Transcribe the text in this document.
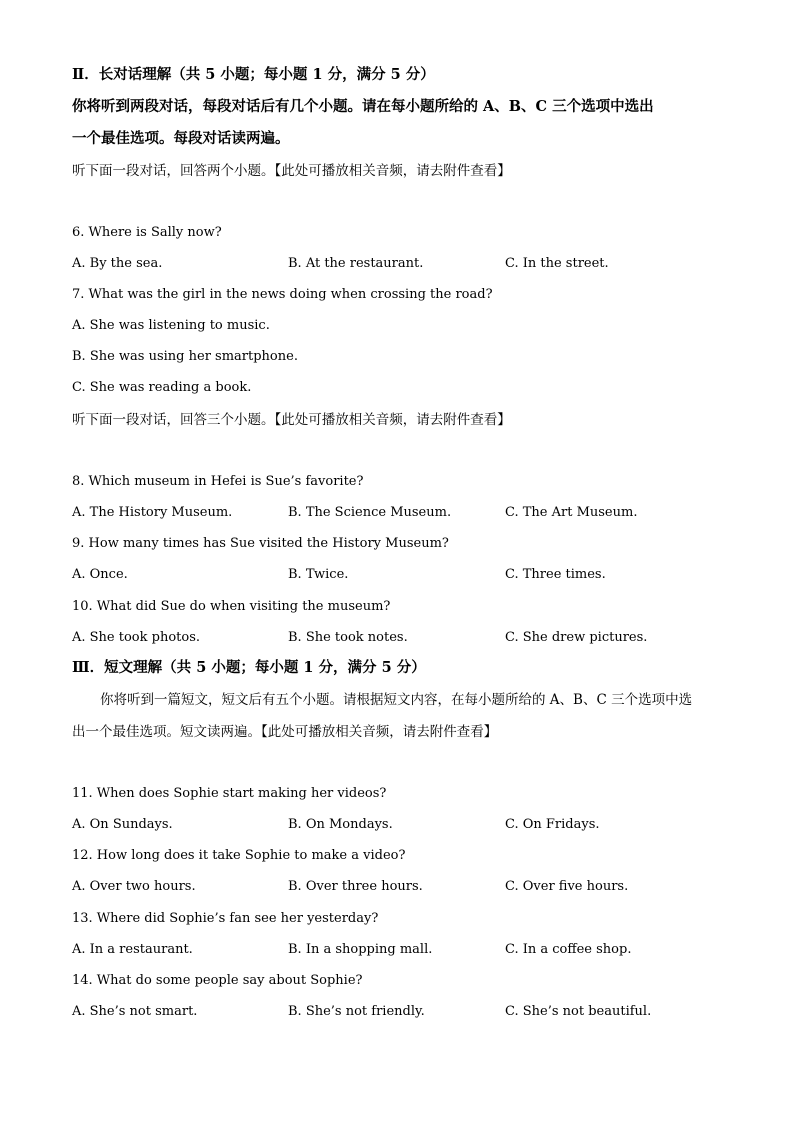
Ⅱ．长对话理解（共 5 小题；每小题 1 分，满分 5 分）
你将听到两段对话，每段对话后有几个小题。请在每小题所给的 A、B、C 三个选项中选出
一个最佳选项。每段对话读两遍。
听下面一段对话，回答两个小题。【此处可播放相关音频，请去附件查看】
6. Where is Sally now?
A. By the sea.	B. At the restaurant.	C. In the street.
7. What was the girl in the news doing when crossing the road?
A. She was listening to music.
B. She was using her smartphone.
C. She was reading a book.
听下面一段对话，回答三个小题。【此处可播放相关音频，请去附件查看】
8. Which museum in Hefei is Sue’s favorite?
A. The History Museum.	B. The Science Museum.	C. The Art Museum.
9. How many times has Sue visited the History Museum?
A. Once.	B. Twice.	C. Three times.
10. What did Sue do when visiting the museum?
A. She took photos.	B. She took notes.	C. She drew pictures.
Ⅲ．短文理解（共 5 小题；每小题 1 分，满分 5 分）
你将听到一篇短文，短文后有五个小题。请根据短文内容，在每小题所给的 A、B、C 三个选项中选
出一个最佳选项。短文读两遍。【此处可播放相关音频，请去附件查看】
11. When does Sophie start making her videos?
A. On Sundays.	B. On Mondays.	C. On Fridays.
12. How long does it take Sophie to make a video?
A. Over two hours.	B. Over three hours.	C. Over five hours.
13. Where did Sophie’s fan see her yesterday?
A. In a restaurant.	B. In a shopping mall.	C. In a coffee shop.
14. What do some people say about Sophie?
A. She’s not smart.	B. She’s not friendly.	C. She’s not beautiful.
